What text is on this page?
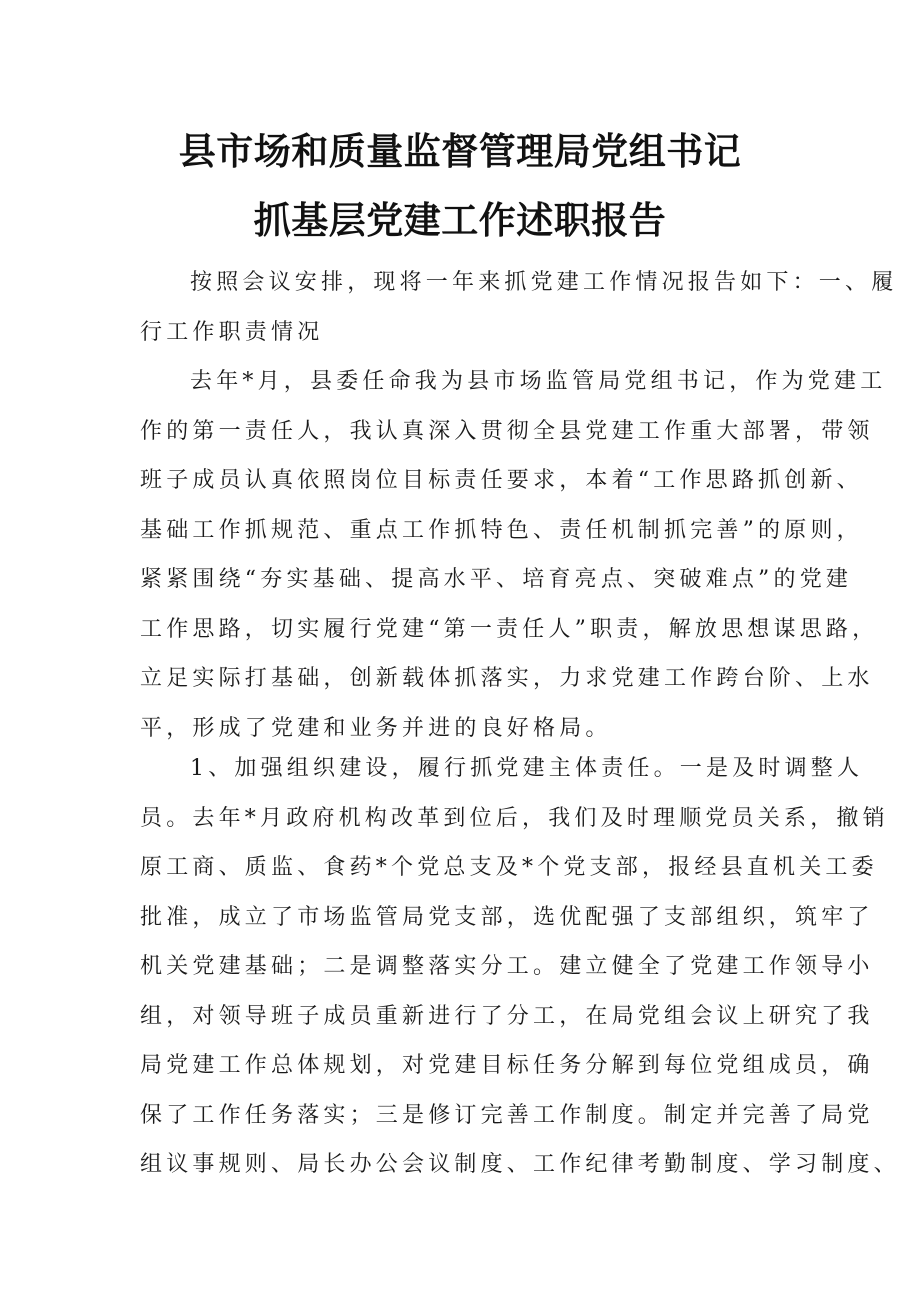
县市场和质量监督管理局党组书记
抓基层党建工作述职报告
按照会议安排，现将一年来抓党建工作情况报告如下：一、履
行工作职责情况
去年*月，县委任命我为县市场监管局党组书记，作为党建工
作的第一责任人，我认真深入贯彻全县党建工作重大部署，带领
班子成员认真依照岗位目标责任要求，本着“工作思路抓创新、
基础工作抓规范、重点工作抓特色、责任机制抓完善”的原则，
紧紧围绕“夯实基础、提高水平、培育亮点、突破难点”的党建
工作思路，切实履行党建“第一责任人”职责，解放思想谋思路，
立足实际打基础，创新载体抓落实，力求党建工作跨台阶、上水
平，形成了党建和业务并进的良好格局。
1、加强组织建设，履行抓党建主体责任。一是及时调整人
员。去年*月政府机构改革到位后，我们及时理顺党员关系，撤销
原工商、质监、食药*个党总支及*个党支部，报经县直机关工委
批准，成立了市场监管局党支部，选优配强了支部组织，筑牢了
机关党建基础；二是调整落实分工。建立健全了党建工作领导小
组，对领导班子成员重新进行了分工，在局党组会议上研究了我
局党建工作总体规划，对党建目标任务分解到每位党组成员，确
保了工作任务落实；三是修订完善工作制度。制定并完善了局党
组议事规则、局长办公会议制度、工作纪律考勤制度、学习制度、
